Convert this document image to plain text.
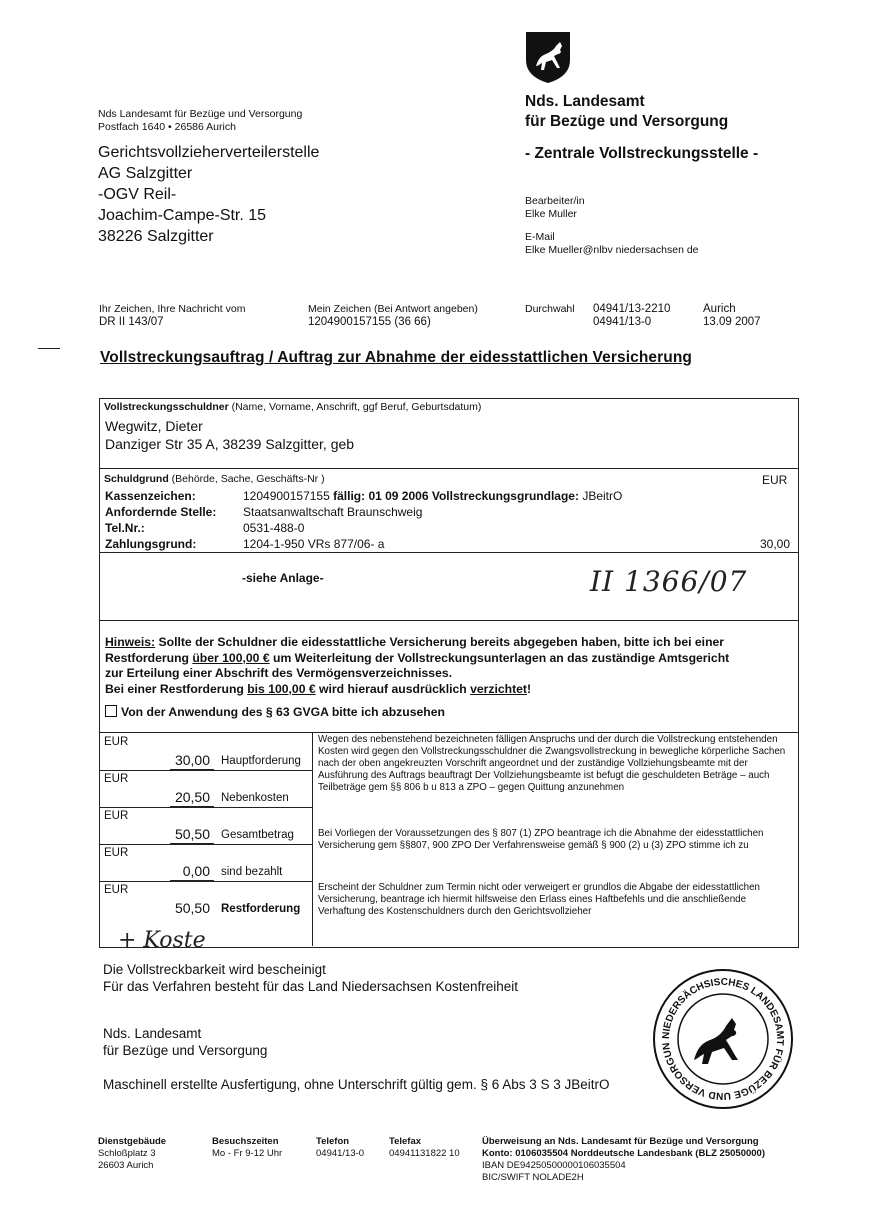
Nds Landesamt für Bezüge und Versorgung
Postfach 1640 • 26586 Aurich
Gerichtsvollzieherverteilerstelle
AG Salzgitter
-OGV Reil-
Joachim-Campe-Str. 15
38226 Salzgitter
Nds. Landesamt
für Bezüge und Versorgung
- Zentrale Vollstreckungsstelle -
Bearbeiter/in
Elke Muller
E-Mail
Elke Mueller@nlbv niedersachsen de
Ihr Zeichen, Ihre Nachricht vom
DR II 143/07
Mein Zeichen (Bei Antwort angeben)
1204900157155 (36 66)
Durchwahl 04941/13-2210
04941/13-0
Aurich
13.09 2007
Vollstreckungsauftrag / Auftrag zur Abnahme der eidesstattlichen Versicherung
Vollstreckungsschuldner (Name, Vorname, Anschrift, ggf Beruf, Geburtsdatum)
Wegwitz, Dieter
Danziger Str 35 A, 38239 Salzgitter, geb
Schuldgrund (Behörde, Sache, Geschäfts-Nr )	EUR
Kassenzeichen:	1204900157155 fällig: 01 09 2006 Vollstreckungsgrundlage: JBeitrO
Anfordernde Stelle: Staatsanwaltschaft Braunschweig
Tel.Nr.:	0531-488-0
Zahlungsgrund:	1204-1-950 VRs 877/06- a	30,00
-siehe Anlage-	II 1366/07
Hinweis: Sollte der Schuldner die eidesstattliche Versicherung bereits abgegeben haben, bitte ich bei einer
Restforderung über 100,00 € um Weiterleitung der Vollstreckungsunterlagen an das zuständige Amtsgericht
zur Erteilung einer Abschrift des Vermögensverzeichnisses.
Bei einer Restforderung bis 100,00 € wird hierauf ausdrücklich verzichtet!
Von der Anwendung des § 63 GVGA bitte ich abzusehen
EUR
30,00 Hauptforderung
EUR
20,50 Nebenkosten
EUR
50,50 Gesamtbetrag
EUR
0,00 sind bezahlt
EUR
50,50 Restforderung
+ Koste
Wegen des nebenstehend bezeichneten fälligen Anspruchs und der durch die Vollstreckung entstehenden Kosten wird gegen den Vollstreckungsschuldner die Zwangsvollstreckung in bewegliche körperliche Sachen nach der oben angekreuzten Vorschrift angeordnet und der zuständige Vollziehungsbeamte mit der Ausführung des Auftrags beauftragt Der Vollziehungsbeamte ist befugt die geschuldeten Beträge – auch Teilbeträge gem §§ 806 b u 813 a ZPO – gegen Quittung anzunehmen
Bei Vorliegen der Voraussetzungen des § 807 (1) ZPO beantrage ich die Abnahme der eidesstattlichen Versicherung gem §§807, 900 ZPO Der Verfahrensweise gemäß § 900 (2) u (3) ZPO stimme ich zu
Erscheint der Schuldner zum Termin nicht oder verweigert er grundlos die Abgabe der eidesstattlichen Versicherung, beantrage ich hiermit hilfsweise den Erlass eines Haftbefehls und die anschließende Verhaftung des Kostenschuldners durch den Gerichtsvollzieher
Die Vollstreckbarkeit wird bescheinigt
Für das Verfahren besteht für das Land Niedersachsen Kostenfreiheit
Nds. Landesamt
für Bezüge und Versorgung
Maschinell erstellte Ausfertigung, ohne Unterschrift gültig gem. § 6 Abs 3 S 3 JBeitrO
NIEDERSÄCHSISCHES LANDESAMT FÜR BEZÜGE UND VERSORGUN
Dienstgebäude
Schloßplatz 3
26603 Aurich
Besuchszeiten
Mo - Fr 9-12 Uhr
Telefon
04941/13-0
Telefax
04941131822 10
Überweisung an Nds. Landesamt für Bezüge und Versorgung
Konto: 0106035504 Norddeutsche Landesbank (BLZ 25050000)
IBAN DE94250500000106035504
BIC/SWIFT NOLADE2H
